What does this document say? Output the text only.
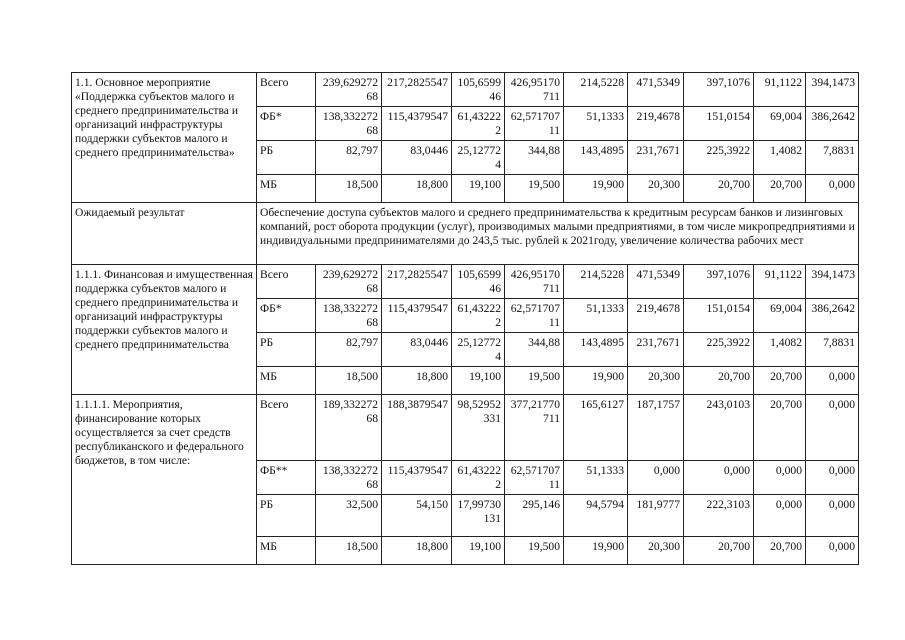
1.1. Основное мероприятие «Поддержка субъектов малого и среднего предпринимательства и организаций инфраструктуры поддержки субъектов малого и среднего предпринимательства»	Всего	239,62927268	217,2825547	105,659946	426,95170711	214,5228	471,5349	397,1076	91,1122	394,1473
	ФБ*	138,33227268	115,4379547	61,432222	62,57170711	51,1333	219,4678	151,0154	69,004	386,2642
	РБ	82,797	83,0446	25,127724	344,88	143,4895	231,7671	225,3922	1,4082	7,8831
	МБ	18,500	18,800	19,100	19,500	19,900	20,300	20,700	20,700	0,000
Ожидаемый результат	Обеспечение доступа субъектов малого и среднего предпринимательства к кредитным ресурсам банков и лизинговых компаний, рост оборота продукции (услуг), производимых малыми предприятиями, в том числе микропредприятиями и индивидуальными предпринимателями до 243,5 тыс. рублей к 2021году, увеличение количества рабочих мест									
1.1.1. Финансовая и имущественная поддержка субъектов малого и среднего предпринимательства и организаций инфраструктуры поддержки субъектов малого и среднего предпринимательства	Всего	239,62927268	217,2825547	105,659946	426,95170711	214,5228	471,5349	397,1076	91,1122	394,1473
	ФБ*	138,33227268	115,4379547	61,432222	62,57170711	51,1333	219,4678	151,0154	69,004	386,2642
	РБ	82,797	83,0446	25,127724	344,88	143,4895	231,7671	225,3922	1,4082	7,8831
	МБ	18,500	18,800	19,100	19,500	19,900	20,300	20,700	20,700	0,000
1.1.1.1. Мероприятия, финансирование которых осуществляется за счет средств республиканского и федерального бюджетов, в том числе:	Всего	189,33227268	188,3879547	98,52952331	377,21770711	165,6127	187,1757	243,0103	20,700	0,000
	ФБ**	138,33227268	115,4379547	61,432222	62,57170711	51,1333	0,000	0,000	0,000	0,000
	РБ	32,500	54,150	17,99730131	295,146	94,5794	181,9777	222,3103	0,000	0,000
	МБ	18,500	18,800	19,100	19,500	19,900	20,300	20,700	20,700	0,000
